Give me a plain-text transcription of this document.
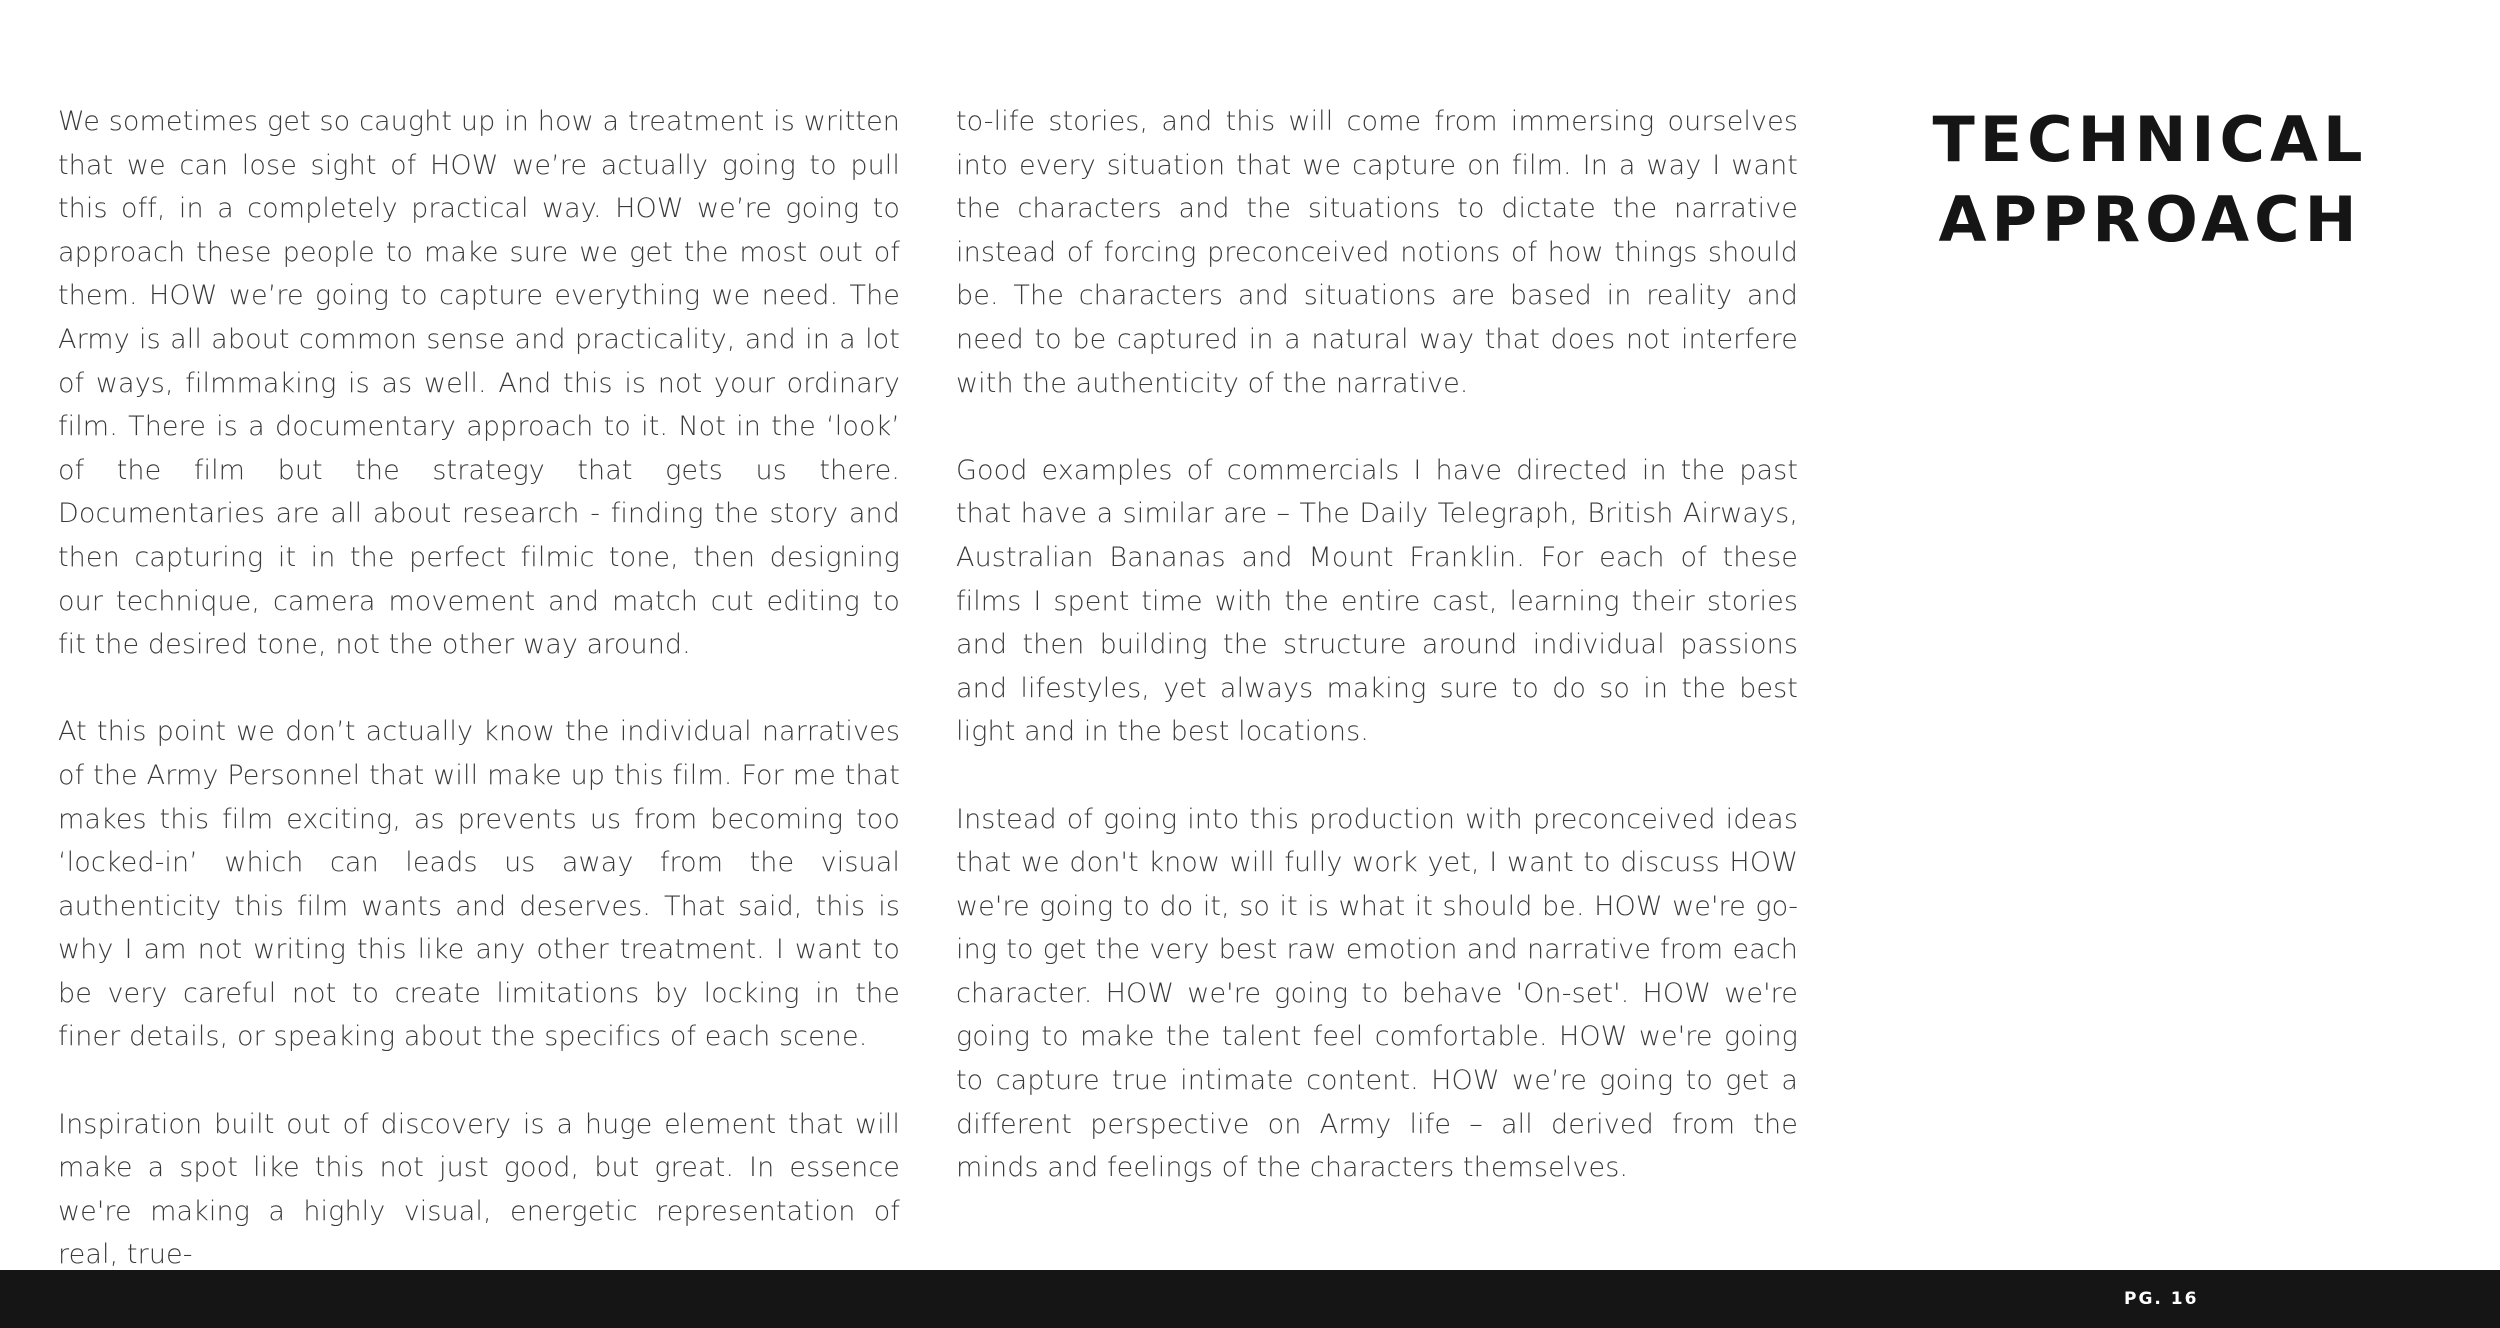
We sometimes get so caught up in how a treatment is written that we can lose sight of HOW we’re actually going to pull this off, in a completely practical way. HOW we’re going to approach these people to make sure we get the most out of them. HOW we’re going to capture everything we need. The Army is all about common sense and practicality, and in a lot of ways, filmmaking is as well. And this is not your ordinary film. There is a documentary approach to it. Not in the ‘look’ of the film but the strategy that gets us there. Documentaries are all about research - finding the story and then capturing it in the perfect filmic tone, then designing our technique, camera movement and match cut editing to fit the desired tone, not the other way around.

At this point we don’t actually know the individual narratives of the Army Personnel that will make up this film. For me that makes this film exciting, as prevents us from becoming too ‘locked-in’ which can leads us away from the visual authenticity this film wants and deserves. That said, this is why I am not writing this like any other treatment. I want to be very careful not to create limitations by locking in the finer details, or speaking about the specifics of each scene.

Inspiration built out of discovery is a huge element that will make a spot like this not just good, but great. In essence we're making a highly visual, energetic representation of real, true-

to-life stories, and this will come from immersing ourselves into every situation that we capture on film. In a way I want the characters and the situations to dictate the narrative instead of forcing preconceived notions of how things should be. The characters and situations are based in reality and need to be captured in a natural way that does not interfere with the authenticity of the narrative.

Good examples of commercials I have directed in the past that have a similar are – The Daily Telegraph, British Airways, Australian Bananas and Mount Franklin. For each of these films I spent time with the entire cast, learning their stories and then building the structure around individual passions and lifestyles, yet always making sure to do so in the best light and in the best locations.

Instead of going into this production with preconceived ideas that we don't know will fully work yet, I want to discuss HOW we're going to do it, so it is what it should be. HOW we're going to get the very best raw emotion and narrative from each character. HOW we're going to behave 'On-set'. HOW we're going to make the talent feel comfortable. HOW we're going to capture true intimate content. HOW we’re going to get a different perspective on Army life – all derived from the minds and feelings of the characters themselves.

TECHNICAL
APPROACH
PG. 16
